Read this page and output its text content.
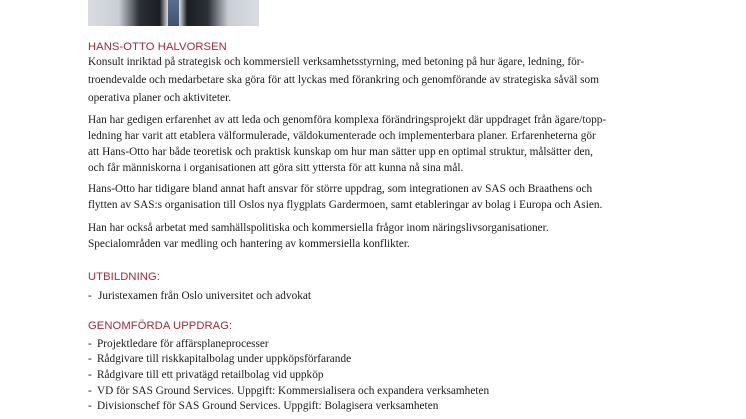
HANS-OTTO HALVORSEN
Konsult inriktad på strategisk och kommersiell verksamhetsstyrning, med betoning på hur ägare, ledning, för-
troendevalde och medarbetare ska göra för att lyckas med förankring och genomförande av strategiska såväl som
operativa planer och aktiviteter.
Han har gedigen erfarenhet av att leda och genomföra komplexa förändringsprojekt där uppdraget från ägare/topp-
ledning har varit att etablera välformulerade, väldokumenterade och implementerbara planer. Erfarenheterna gör
att Hans-Otto har både teoretisk och praktisk kunskap om hur man sätter upp en optimal struktur, målsätter den,
och får människorna i organisationen att göra sitt yttersta för att kunna nå sina mål.
Hans-Otto har tidigare bland annat haft ansvar för större uppdrag, som integrationen av SAS och Braathens och
flytten av SAS:s organisation till Oslos nya flygplats Gardermoen, samt etableringar av bolag i Europa och Asien.
Han har också arbetat med samhällspolitiska och kommersiella frågor inom näringslivsorganisationer.
Specialområden var medling och hantering av kommersiella konflikter.
UTBILDNING:
- Juristexamen från Oslo universitet och advokat
GENOMFÖRDA UPPDRAG:
- Projektledare för affärsplaneprocesser
- Rådgivare till riskkapitalbolag under uppköpsförfarande
- Rådgivare till ett privatägd retailbolag vid uppköp
- VD för SAS Ground Services. Uppgift: Kommersialisera och expandera verksamheten
- Divisionschef för SAS Ground Services. Uppgift: Bolagisera verksamheten
